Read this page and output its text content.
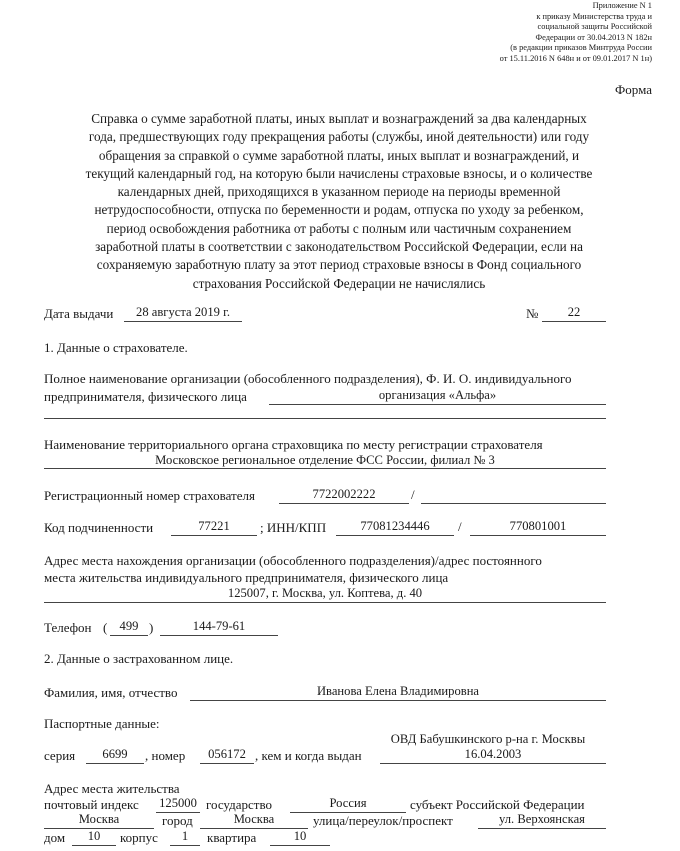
Приложение N 1
к приказу Министерства труда и
социальной защиты Российской
Федерации от 30.04.2013 N 182н
(в редакции приказов Минтруда России
от 15.11.2016 N 648н и от 09.01.2017 N 1н)
Форма
Справка о сумме заработной платы, иных выплат и вознаграждений за два календарных
года, предшествующих году прекращения работы (службы, иной деятельности) или году
обращения за справкой о сумме заработной платы, иных выплат и вознаграждений, и
текущий календарный год, на которую были начислены страховые взносы, и о количестве
календарных дней, приходящихся в указанном периоде на периоды временной
нетрудоспособности, отпуска по беременности и родам, отпуска по уходу за ребенком,
период освобождения работника от работы с полным или частичным сохранением
заработной платы в соответствии с законодательством Российской Федерации, если на
сохраняемую заработную плату за этот период страховые взносы в Фонд социального
страхования Российской Федерации не начислялись
Дата выдачи	28 августа 2019 г.	№	22
1. Данные о страхователе.
Полное наименование организации (обособленного подразделения), Ф. И. О. индивидуального
предпринимателя, физического лица	организация «Альфа»
Наименование территориального органа страховщика по месту регистрации страхователя
Московское региональное отделение ФСС России, филиал № 3
Регистрационный номер страхователя	7722002222	/
Код подчиненности	77221	; ИНН/КПП	77081234446	/	770801001
Адрес места нахождения организации (обособленного подразделения)/адрес постоянного
места жительства индивидуального предпринимателя, физического лица
125007, г. Москва, ул. Коптева, д. 40
Телефон ( 499 )	144-79-61
2. Данные о застрахованном лице.
Фамилия, имя, отчество	Иванова Елена Владимировна
Паспортные данные:
ОВД Бабушкинского р-на г. Москвы
серия	6699	, номер	056172 , кем и когда выдан	16.04.2003
Адрес места жительства
почтовый индекс	125000 государство	Россия	субъект Российской Федерации
Москва	город	Москва	улица/переулок/проспект	ул. Верхоянская
дом	10	корпус	1	квартира	10
